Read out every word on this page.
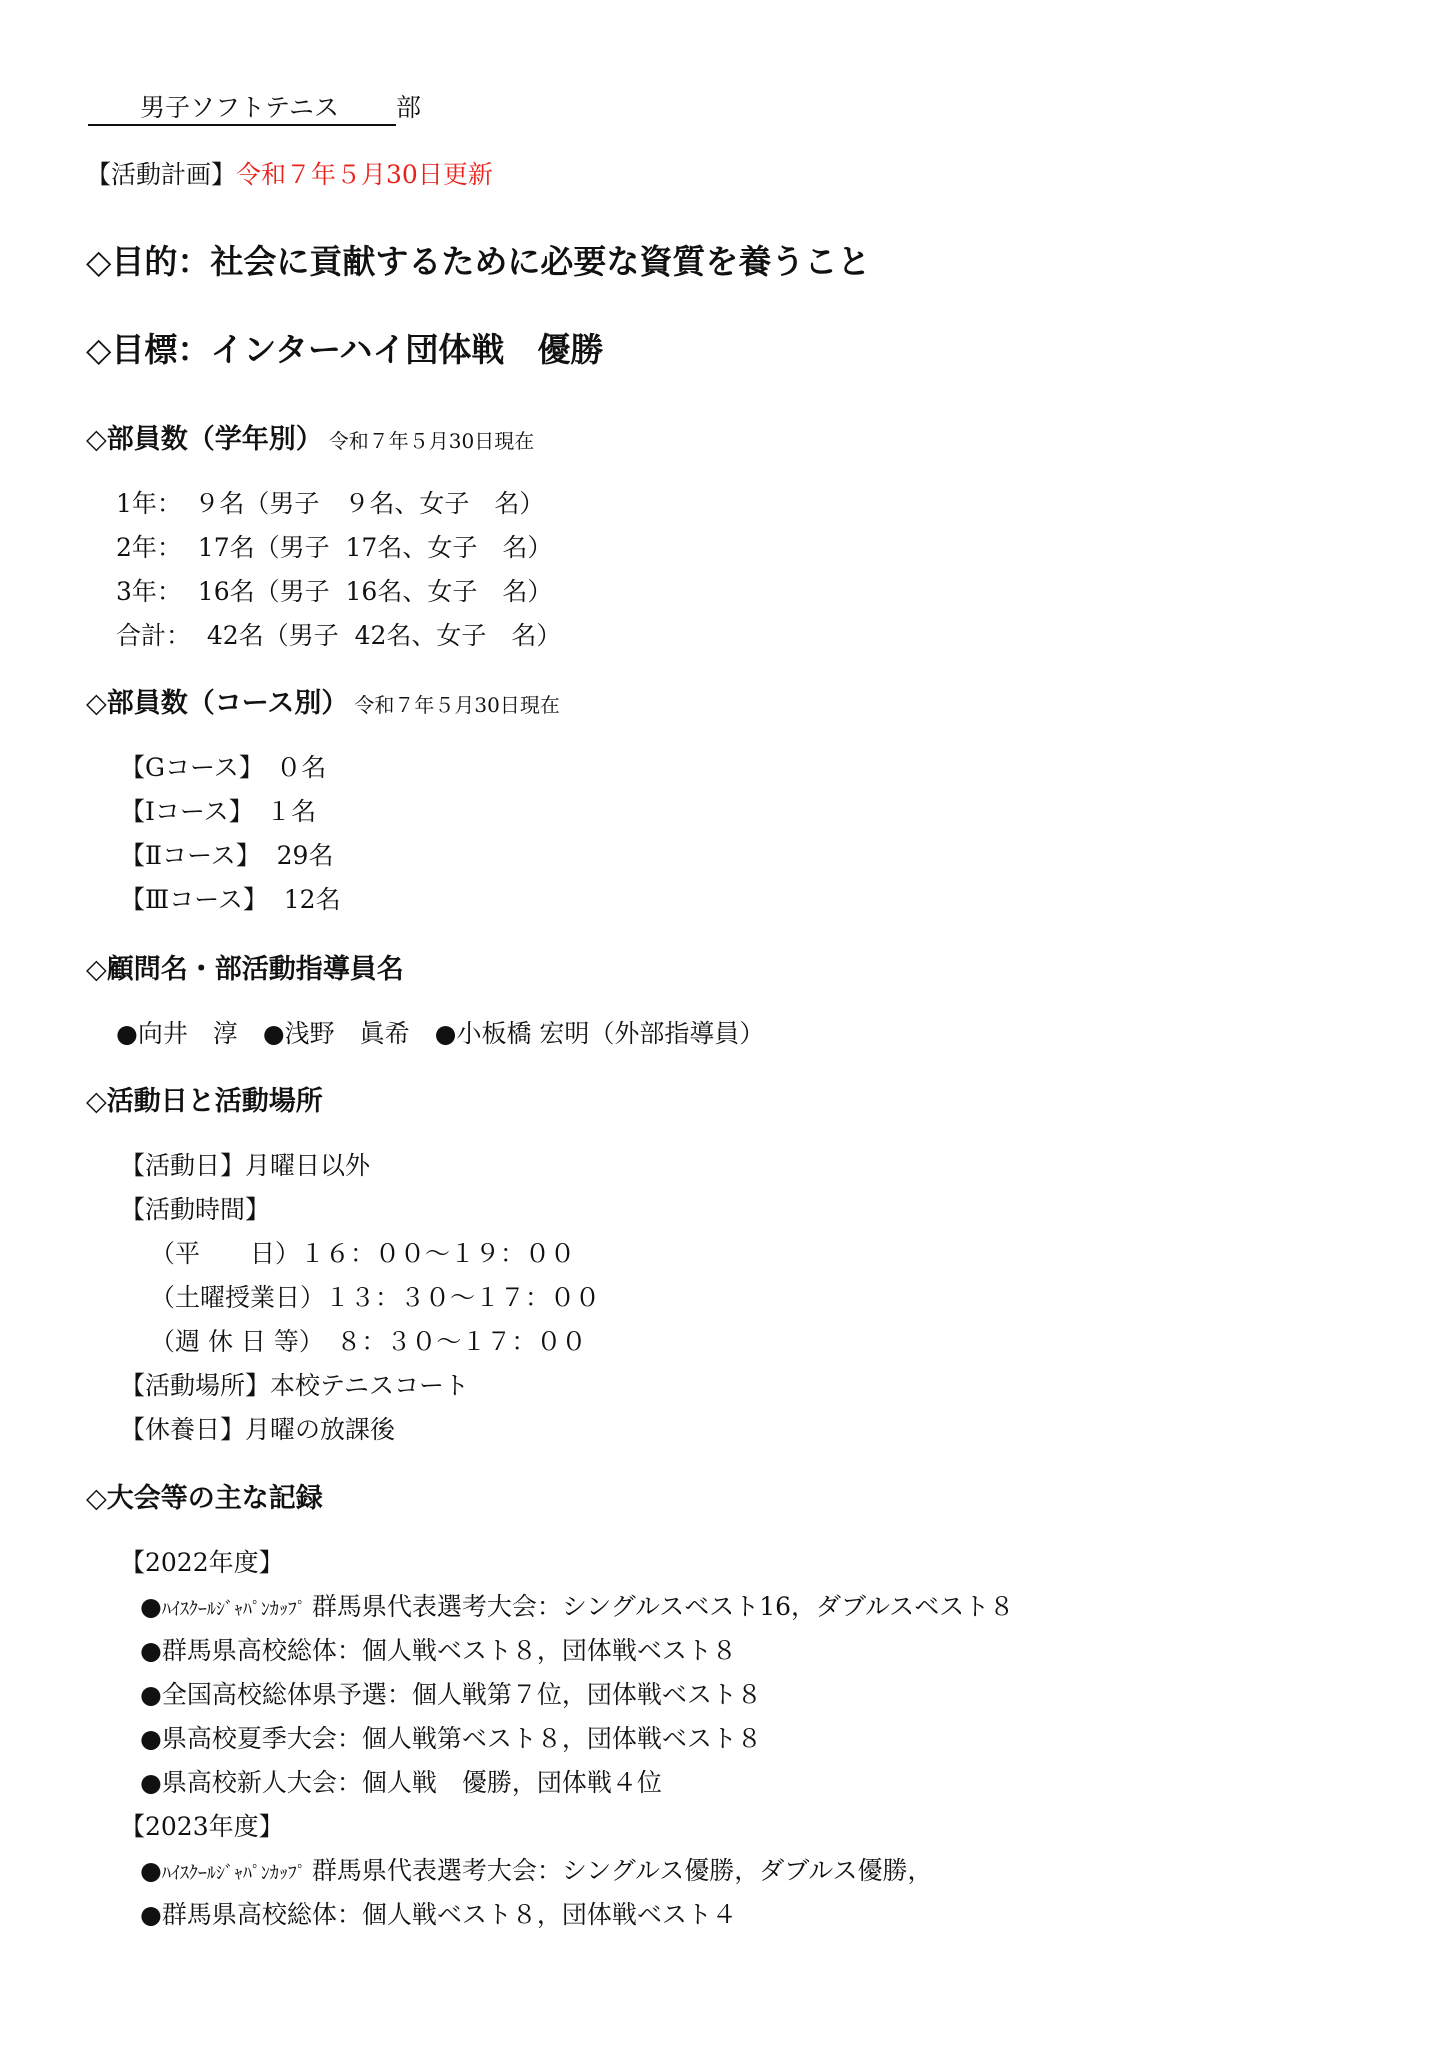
男子ソフトテニス 部
【活動計画】令和７年５月30日更新
◇目的：社会に貢献するために必要な資質を養うこと
◇目標：インターハイ団体戦　優勝
◇部員数（学年別） 令和７年５月30日現在
1年：　９名（男子　９名、女子　名）
2年：  17名（男子  17名、女子　名）
3年：  16名（男子  16名、女子　名）
合計：  42名（男子  42名、女子　名）
◇部員数（コース別） 令和７年５月30日現在
【Gコース】　０名
【Ⅰコース】　１名
【Ⅱコース】  29名
【Ⅲコース】  12名
◇顧問名・部活動指導員名
●向井　淳　●浅野　眞希　●小板橋 宏明（外部指導員）
◇活動日と活動場所
【活動日】月曜日以外
【活動時間】
（平　　日）１６：００～１９：００
（土曜授業日）１３：３０～１７：００
（週 休 日 等）　８：３０～１７：００
【活動場所】本校テニスコート
【休養日】月曜の放課後
◇大会等の主な記録
【2022年度】
●ﾊｲｽｸｰﾙｼﾞｬﾊﾟﾝｶｯﾌﾟ 群馬県代表選考大会：シングルスベスト16，ダブルスベスト８
●群馬県高校総体：個人戦ベスト８，団体戦ベスト８
●全国高校総体県予選：個人戦第７位，団体戦ベスト８
●県高校夏季大会：個人戦第ベスト８，団体戦ベスト８
●県高校新人大会：個人戦　優勝，団体戦４位
【2023年度】
●ﾊｲｽｸｰﾙｼﾞｬﾊﾟﾝｶｯﾌﾟ 群馬県代表選考大会：シングルス優勝，ダブルス優勝，
●群馬県高校総体：個人戦ベスト８，団体戦ベスト４
